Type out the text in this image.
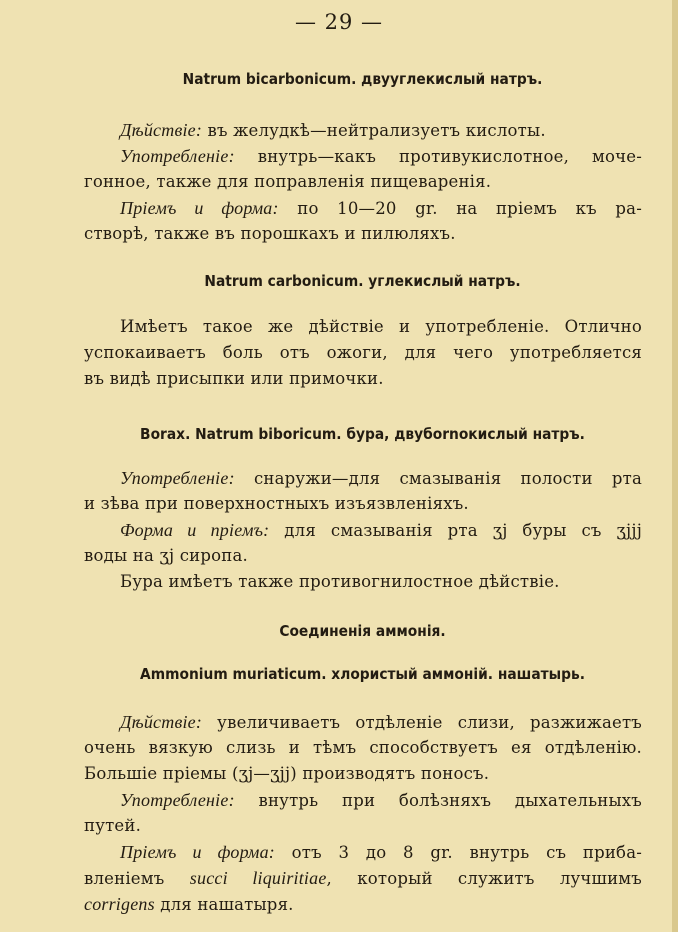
— 29 —
Natrum bicarbonicum. двууглекислый натръ.
Дѣйствіе: въ желудкѣ—нейтрализуетъ кислоты.
Употребленіе: внутрь—какъ противукислотное, моче-
гонное, также для поправленія пищеваренія.
Пріемъ и форма: по 10—20 gr. на пріемъ къ ра-
створѣ, также въ порошкахъ и пилюляхъ.
Natrum carbonicum. углекислый натръ.
Имѣетъ такое же дѣйствіе и употребленіе. Отлично
успокаиваетъ боль отъ ожоги, для чего употребляется
въ видѣ присыпки или примочки.
Borax. Natrum biboricum. бура, двубornокислый натръ.
Употребленіе: снаружи—для смазыванія полости рта
и зѣва при поверхностныхъ изъязвленіяхъ.
Форма и пріемъ: для смазыванія рта ʒj буры съ ʒjjj
воды на ʒj сиропа.
Бура имѣетъ также противогнилостное дѣйствіе.
Соединенія аммонія.
Ammonium muriaticum. хлористый аммоній. нашатырь.
Дѣйствіе: увеличиваетъ отдѣленіе слизи, разжижаетъ
очень вязкую слизь и тѣмъ способствуетъ ея отдѣленію.
Большіе пріемы (ʒj—ʒjj) производятъ поносъ.
Употребленіе: внутрь при болѣзняхъ дыхательныхъ
путей.
Пріемъ и форма: отъ 3 до 8 gr. внутрь съ приба-
вленіемъ succi liquiritiae, который служитъ лучшимъ
corrigens для нашатыря.
